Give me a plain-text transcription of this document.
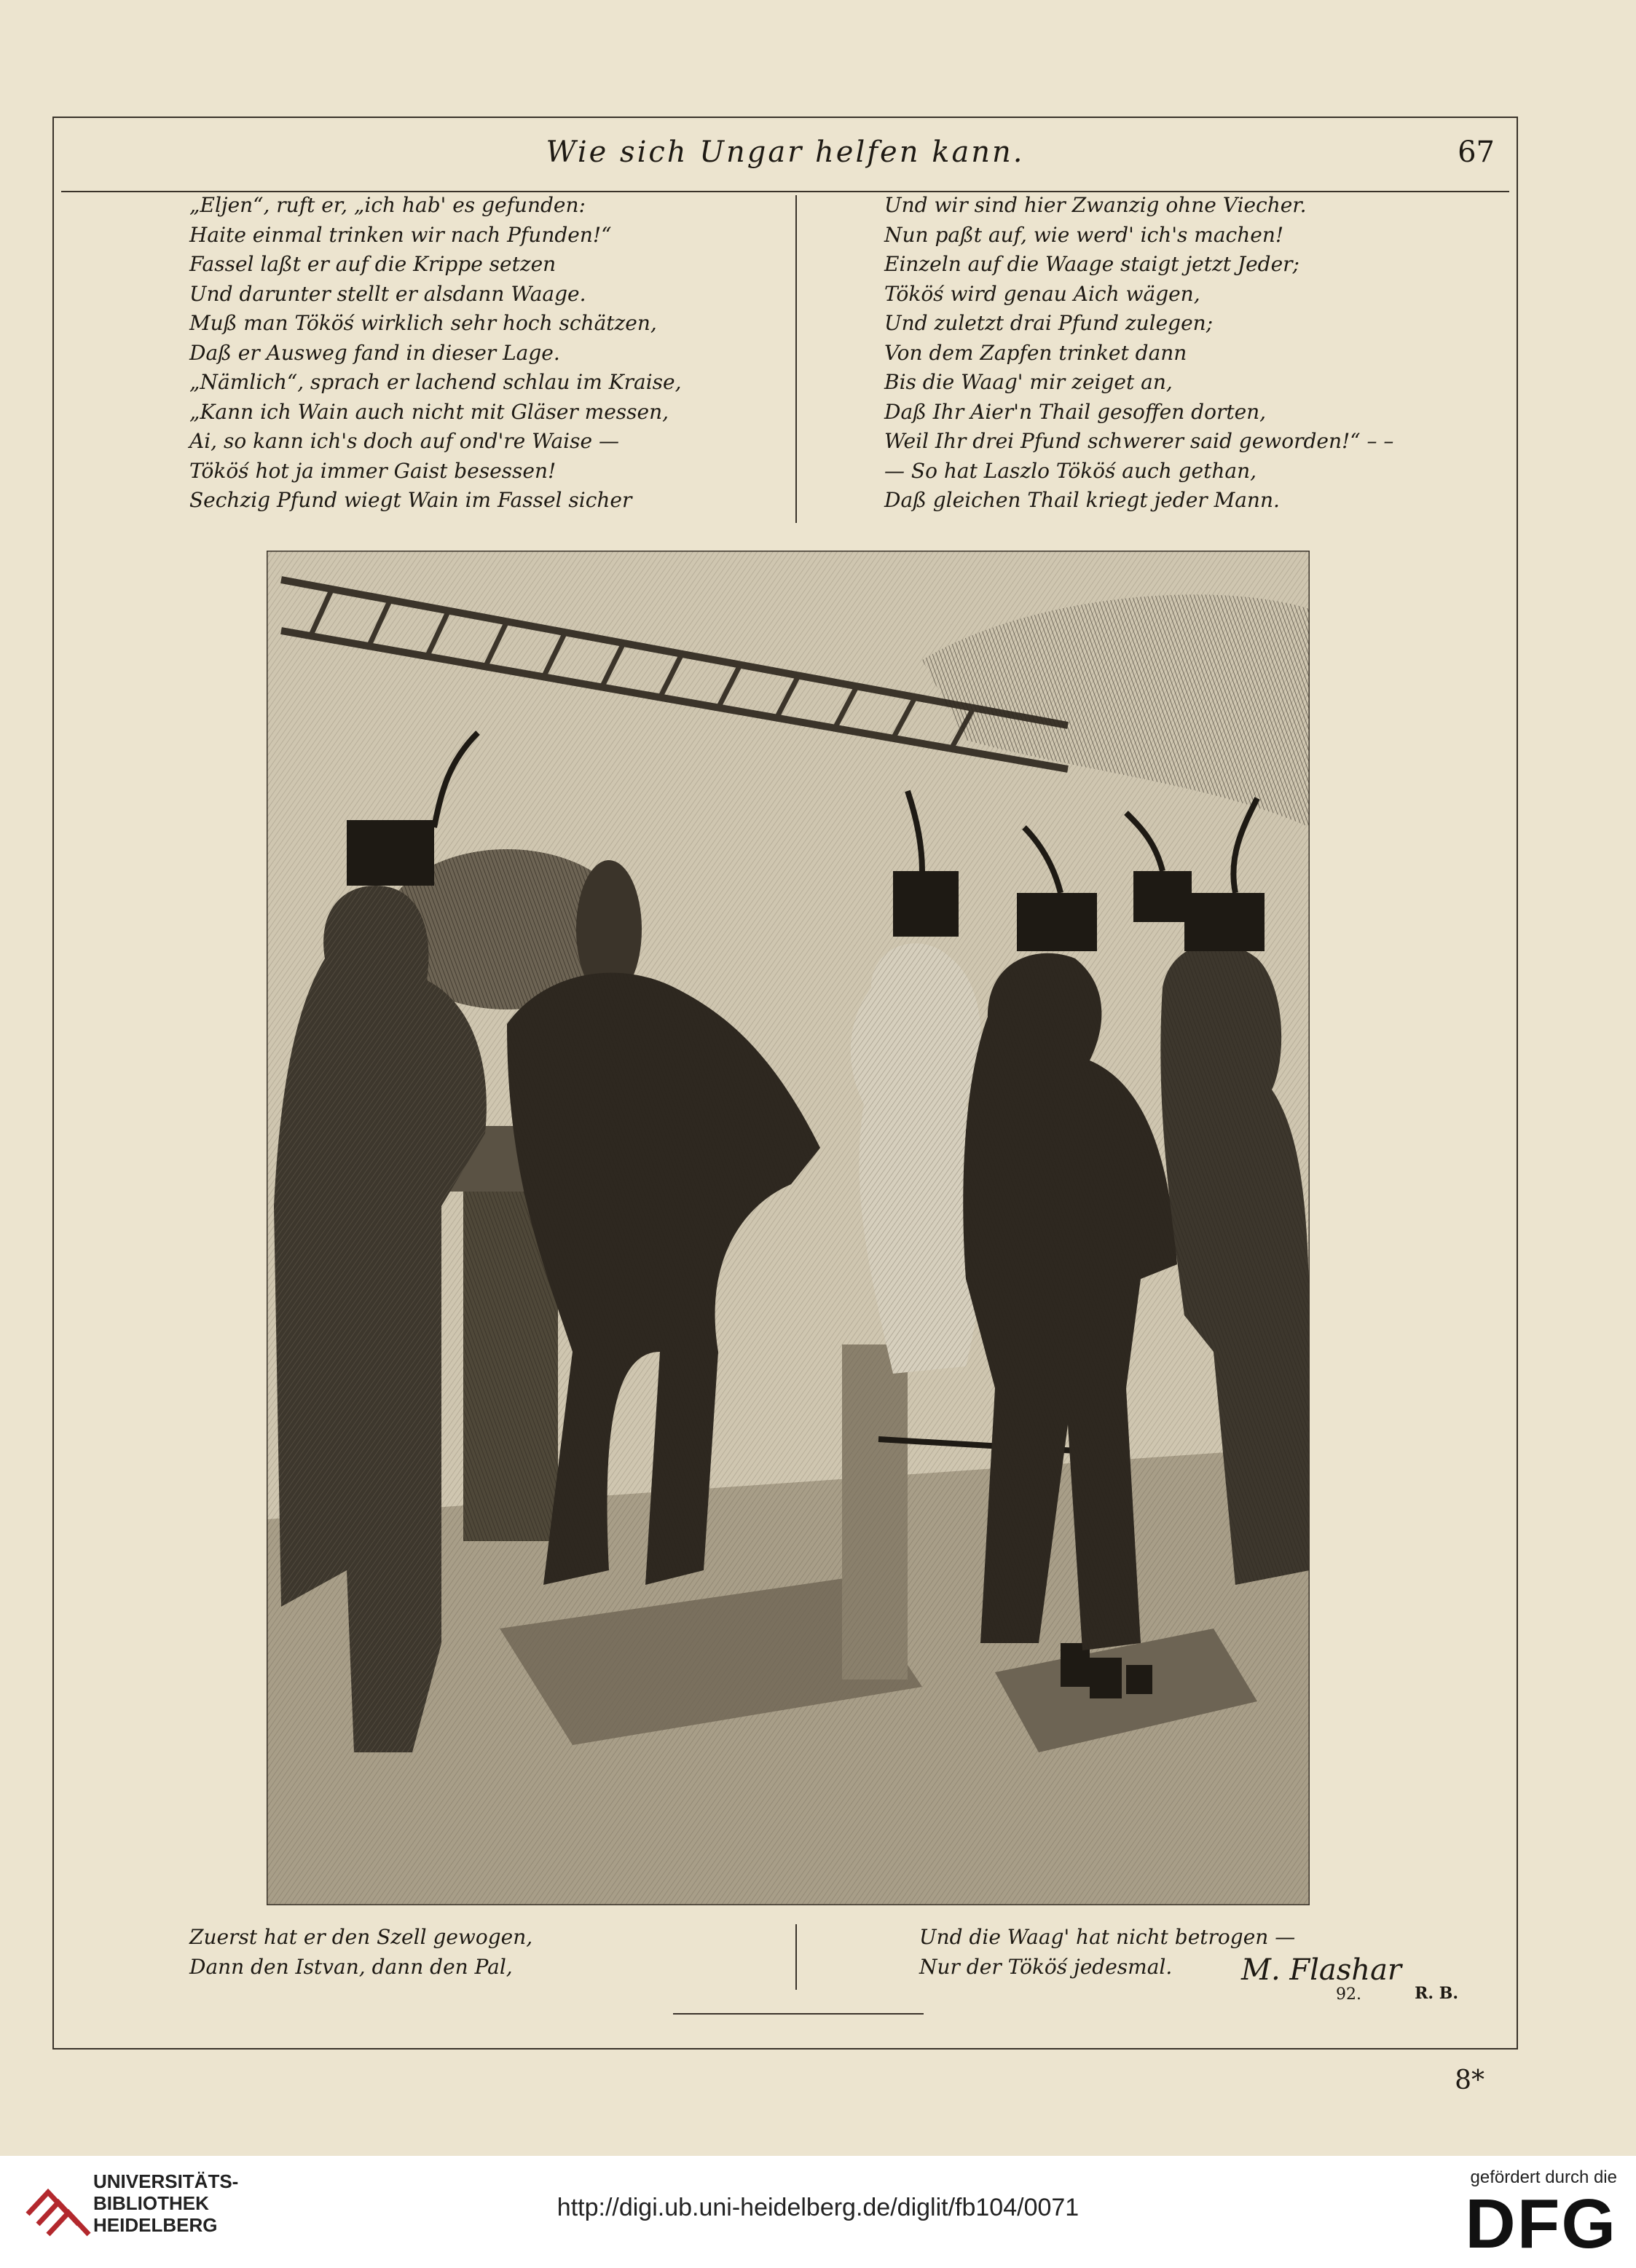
Wie sich Ungar helfen kann.	67
„Eljen“, ruft er, „ich hab' es gefunden:
Haite einmal trinken wir nach Pfunden!“
Fassel laßt er auf die Krippe setzen
Und darunter stellt er alsdann Waage.
Muß man Tököś wirklich sehr hoch schätzen,
Daß er Ausweg fand in dieser Lage.
„Nämlich“, sprach er lachend schlau im Kraise,
„Kann ich Wain auch nicht mit Gläser messen,
Ai, so kann ich's doch auf ond're Waise —
Tököś hot ja immer Gaist besessen!
Sechzig Pfund wiegt Wain im Fassel sicher
Und wir sind hier Zwanzig ohne Viecher.
Nun paßt auf, wie werd' ich's machen!
Einzeln auf die Waage staigt jetzt Jeder;
Tököś wird genau Aich wägen,
Und zuletzt drai Pfund zulegen;
Von dem Zapfen trinket dann
Bis die Waag' mir zeiget an,
Daß Ihr Aier'n Thail gesoffen dorten,
Weil Ihr drei Pfund schwerer said geworden!“ – –
— So hat Laszlo Tököś auch gethan,
Daß gleichen Thail kriegt jeder Mann.
M. Flashar
92.
Zuerst hat er den Szell gewogen,
Dann den Istvan, dann den Pal,
Und die Waag' hat nicht betrogen —
Nur der Tököś jedesmal.
R. B.
8*
UNIVERSITÄTS-
BIBLIOTHEK
HEIDELBERG
http://digi.ub.uni-heidelberg.de/diglit/fb104/0071
gefördert durch die
DFG
